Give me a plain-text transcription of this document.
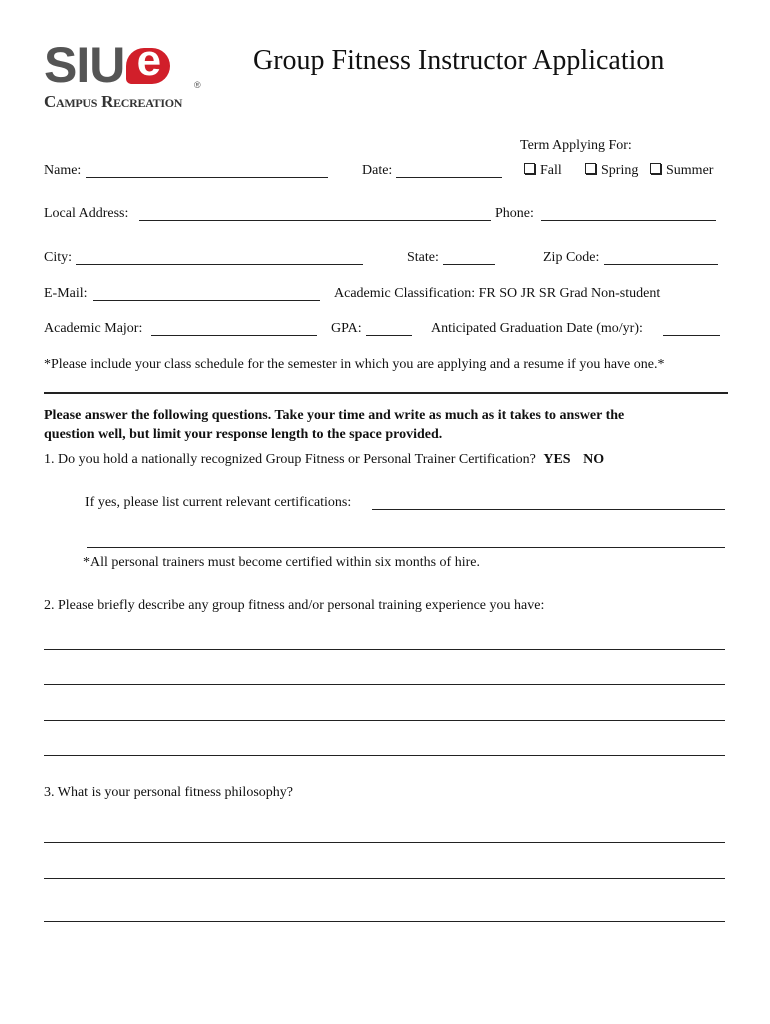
SIUe	®
Campus Recreation
Group Fitness Instructor Application
Term Applying For:
Fall	Spring	Summer
Name:	Date:
Local Address:	Phone:
City:	State:	Zip Code:
E-Mail:	Academic Classification: FR SO JR SR Grad Non-student
Academic Major:	GPA:	Anticipated Graduation Date (mo/yr):
*Please include your class schedule for the semester in which you are applying and a resume if you have one.*
Please answer the following questions. Take your time and write as much as it takes to answer the
question well, but limit your response length to the space provided.
1. Do you hold a nationally recognized Group Fitness or Personal Trainer Certification? YES NO
If yes, please list current relevant certifications:
*All personal trainers must become certified within six months of hire.
2. Please briefly describe any group fitness and/or personal training experience you have:
3. What is your personal fitness philosophy?
